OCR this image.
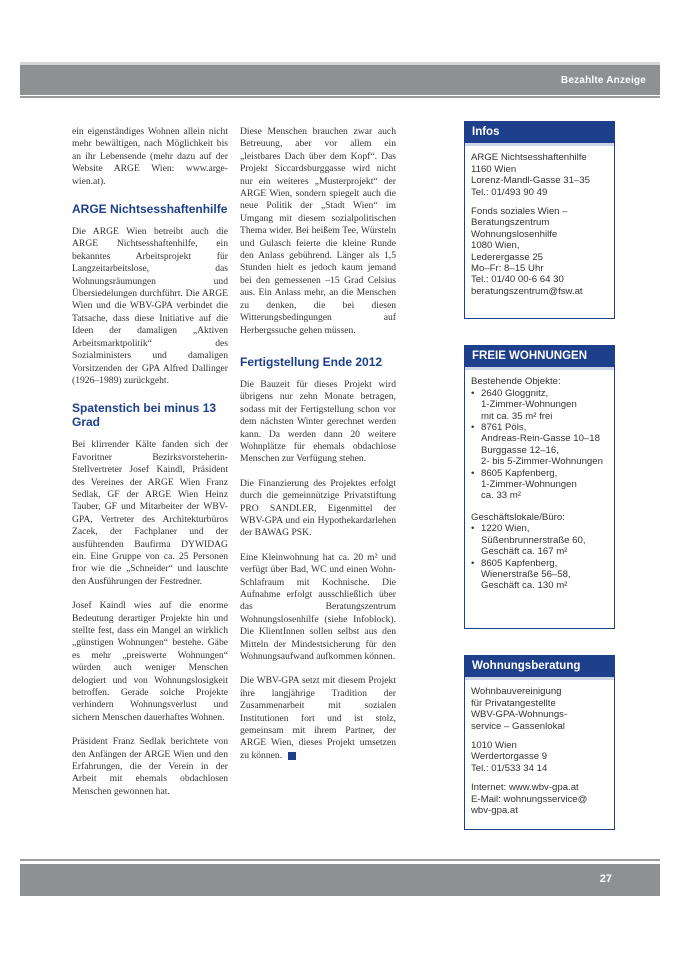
Bezahlte Anzeige

ein eigenständiges Wohnen allein nicht mehr bewältigen, nach Möglichkeit bis an ihr Lebensende (mehr dazu auf der Website ARGE Wien: www.arge-wien.at).

ARGE Nichtsesshaftenhilfe

Die ARGE Wien betreibt auch die ARGE Nichtsesshaftenhilfe, ein bekanntes Arbeitsprojekt für Langzeitarbeitslose, das Wohnungsräumungen und Übersiedelungen durchführt. Die ARGE Wien und die WBV-GPA verbindet die Tatsache, dass diese Initiative auf die Ideen der damaligen „Aktiven Arbeitsmarktpolitik“ des Sozialministers und damaligen Vorsitzenden der GPA Alfred Dallinger (1926–1989) zurückgeht.

Spatenstich bei minus 13 Grad

Bei klirrender Kälte fanden sich der Favoritner Bezirksvorsteherin-Stellvertreter Josef Kaindl, Präsident des Vereines der ARGE Wien Franz Sedlak, GF der ARGE Wien Heinz Tauber, GF und Mitarbeiter der WBV-GPA, Vertreter des Architekturbüros Zacek, der Fachplaner und der ausführenden Baufirma DYWIDAG ein. Eine Gruppe von ca. 25 Personen fror wie die „Schneider“ und lauschte den Ausführungen der Festredner.

Josef Kaindl wies auf die enorme Bedeutung derartiger Projekte hin und stellte fest, dass ein Mangel an wirklich „günstigen Wohnungen“ bestehe. Gäbe es mehr „preiswerte Wohnungen“ würden auch weniger Menschen delogiert und von Wohnungslosigkeit betroffen. Gerade solche Projekte verhindern Wohnungsverlust und sichern Menschen dauerhaftes Wohnen.

Präsident Franz Sedlak berichtete von den Anfängen der ARGE Wien und den Erfahrungen, die der Verein in der Arbeit mit ehemals obdachlosen Menschen gewonnen hat.

Diese Menschen brauchen zwar auch Betreuung, aber vor allem ein „leistbares Dach über dem Kopf“. Das Projekt Siccardsburggasse wird nicht nur ein weiteres „Musterprojekt“ der ARGE Wien, sondern spiegelt auch die neue Politik der „Stadt Wien“ im Umgang mit diesem sozialpolitischen Thema wider. Bei heißem Tee, Würsteln und Gulasch feierte die kleine Runde den Anlass gebührend. Länger als 1,5 Stunden hielt es jedoch kaum jemand bei den gemessenen –15 Grad Celsius aus. Ein Anlass mehr, an die Menschen zu denken, die bei diesen Witterungsbedingungen auf Herbergssuche gehen müssen.

Fertigstellung Ende 2012

Die Bauzeit für dieses Projekt wird übrigens nur zehn Monate betragen, sodass mit der Fertigstellung schon vor dem nächsten Winter gerechnet werden kann. Da werden dann 20 weitere Wohnplätze für ehemals obdachlose Menschen zur Verfügung stehen.

Die Finanzierung des Projektes erfolgt durch die gemeinnützige Privatstiftung PRO SANDLER, Eigenmittel der WBV-GPA und ein Hypothekardarlehen der BAWAG PSK.

Eine Kleinwohnung hat ca. 20 m² und verfügt über Bad, WC und einen Wohn-Schlafraum mit Kochnische. Die Aufnahme erfolgt ausschließlich über das Beratungszentrum Wohnungslosenhilfe (siehe Infoblock). Die KlientInnen sollen selbst aus den Mitteln der Mindestsicherung für den Wohnungsaufwand aufkommen können.

Die WBV-GPA setzt mit diesem Projekt ihre langjährige Tradition der Zusammenarbeit mit sozialen Institutionen fort und ist stolz, gemeinsam mit ihrem Partner, der ARGE Wien, dieses Projekt umsetzen zu können.

Infos

ARGE Nichtsesshaftenhilfe
1160 Wien
Lorenz-Mandl-Gasse 31–35
Tel.: 01/493 90 49

Fonds soziales Wien –
Beratungszentrum
Wohnungslosenhilfe
1080 Wien,
Lederergasse 25
Mo–Fr: 8–15 Uhr
Tel.: 01/40 00-6 64 30
beratungszentrum@fsw.at

FREIE WOHNUNGEN
Bestehende Objekte:
• 2640 Gloggnitz,
1-Zimmer-Wohnungen
mit ca. 35 m² frei
• 8761 Pöls,
Andreas-Rein-Gasse 10–18
Burggasse 12–16,
2- bis 5-Zimmer-Wohnungen
• 8605 Kapfenberg,
1-Zimmer-Wohnungen
ca. 33 m²
Geschäftslokale/Büro:
• 1220 Wien,
Süßenbrunnerstraße 60,
Geschäft ca. 167 m²
• 8605 Kapfenberg,
Wienerstraße 56–58,
Geschäft ca. 130 m²
Wohnungsberatung

Wohnbauvereinigung
für Privatangestellte
WBV-GPA-Wohnungs-
service – Gassenlokal

1010 Wien
Werdertorgasse 9
Tel.: 01/533 34 14

Internet: www.wbv-gpa.at
E-Mail: wohnungsservice@
wbv-gpa.at

27
